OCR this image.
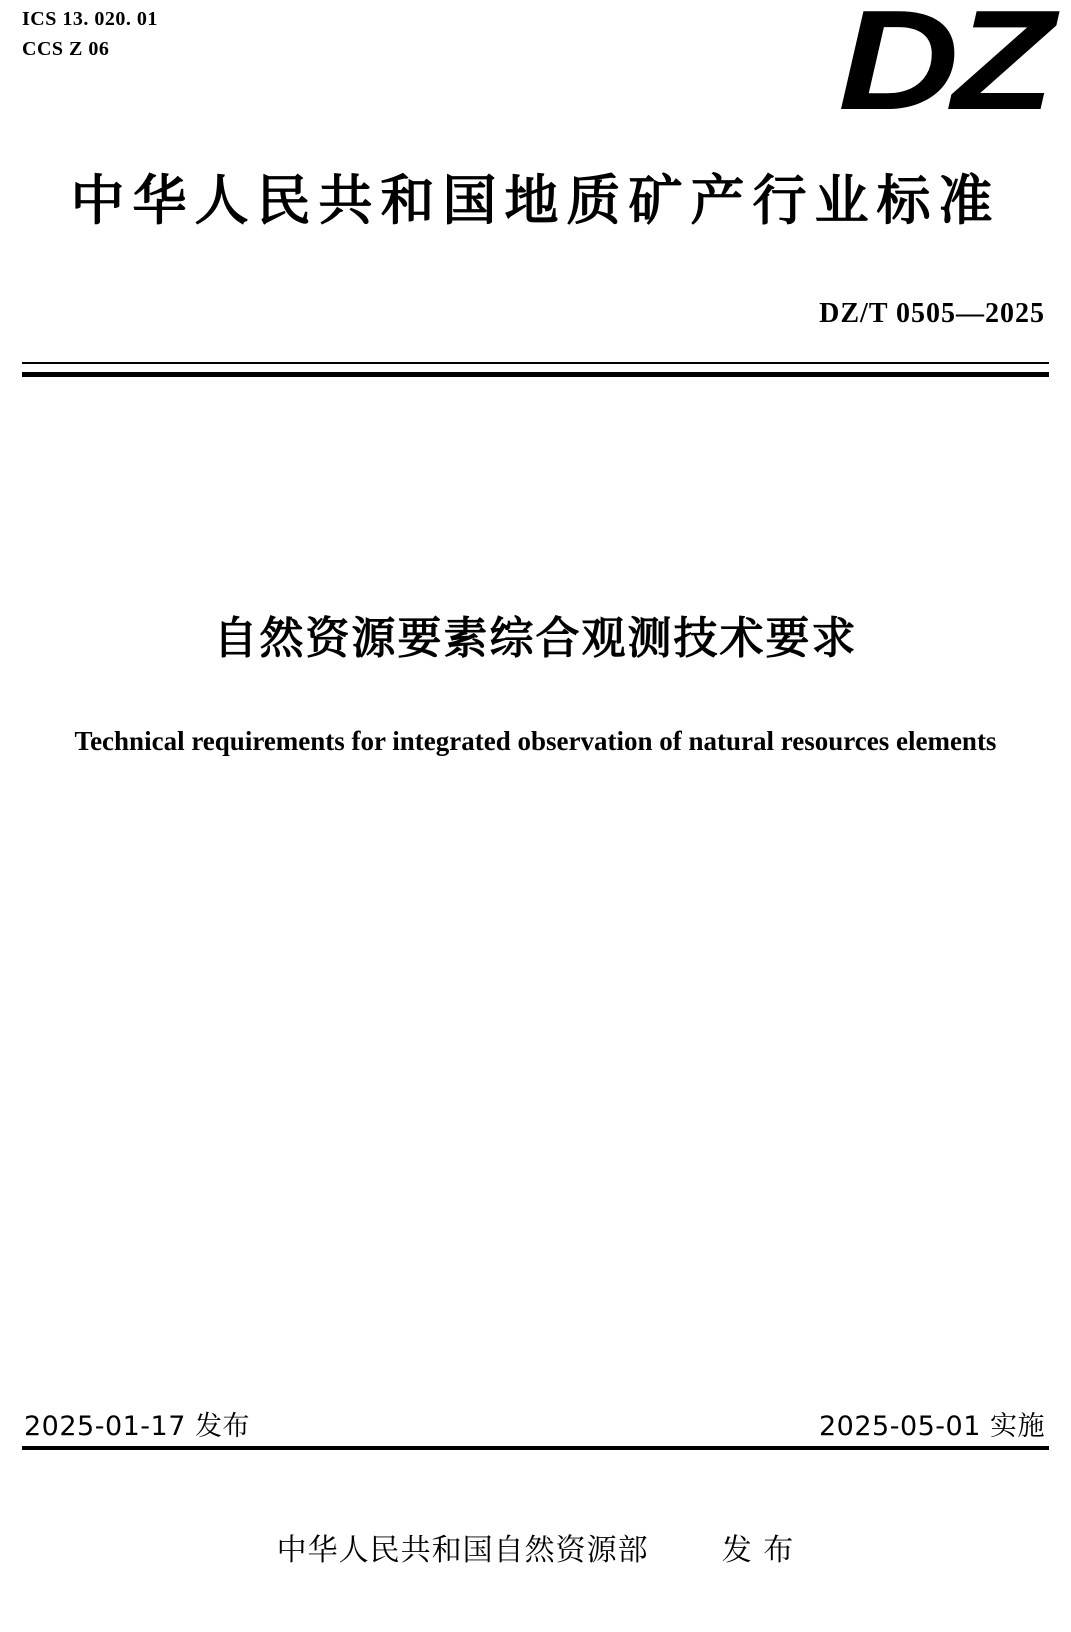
ICS 13. 020. 01
CCS Z 06	DZ
中华人民共和国地质矿产行业标准
DZ/T 0505—2025
自然资源要素综合观测技术要求
Technical requirements for integrated observation of natural resources elements
2025-01-17 发布	2025-05-01 实施
中华人民共和国自然资源部 发 布
